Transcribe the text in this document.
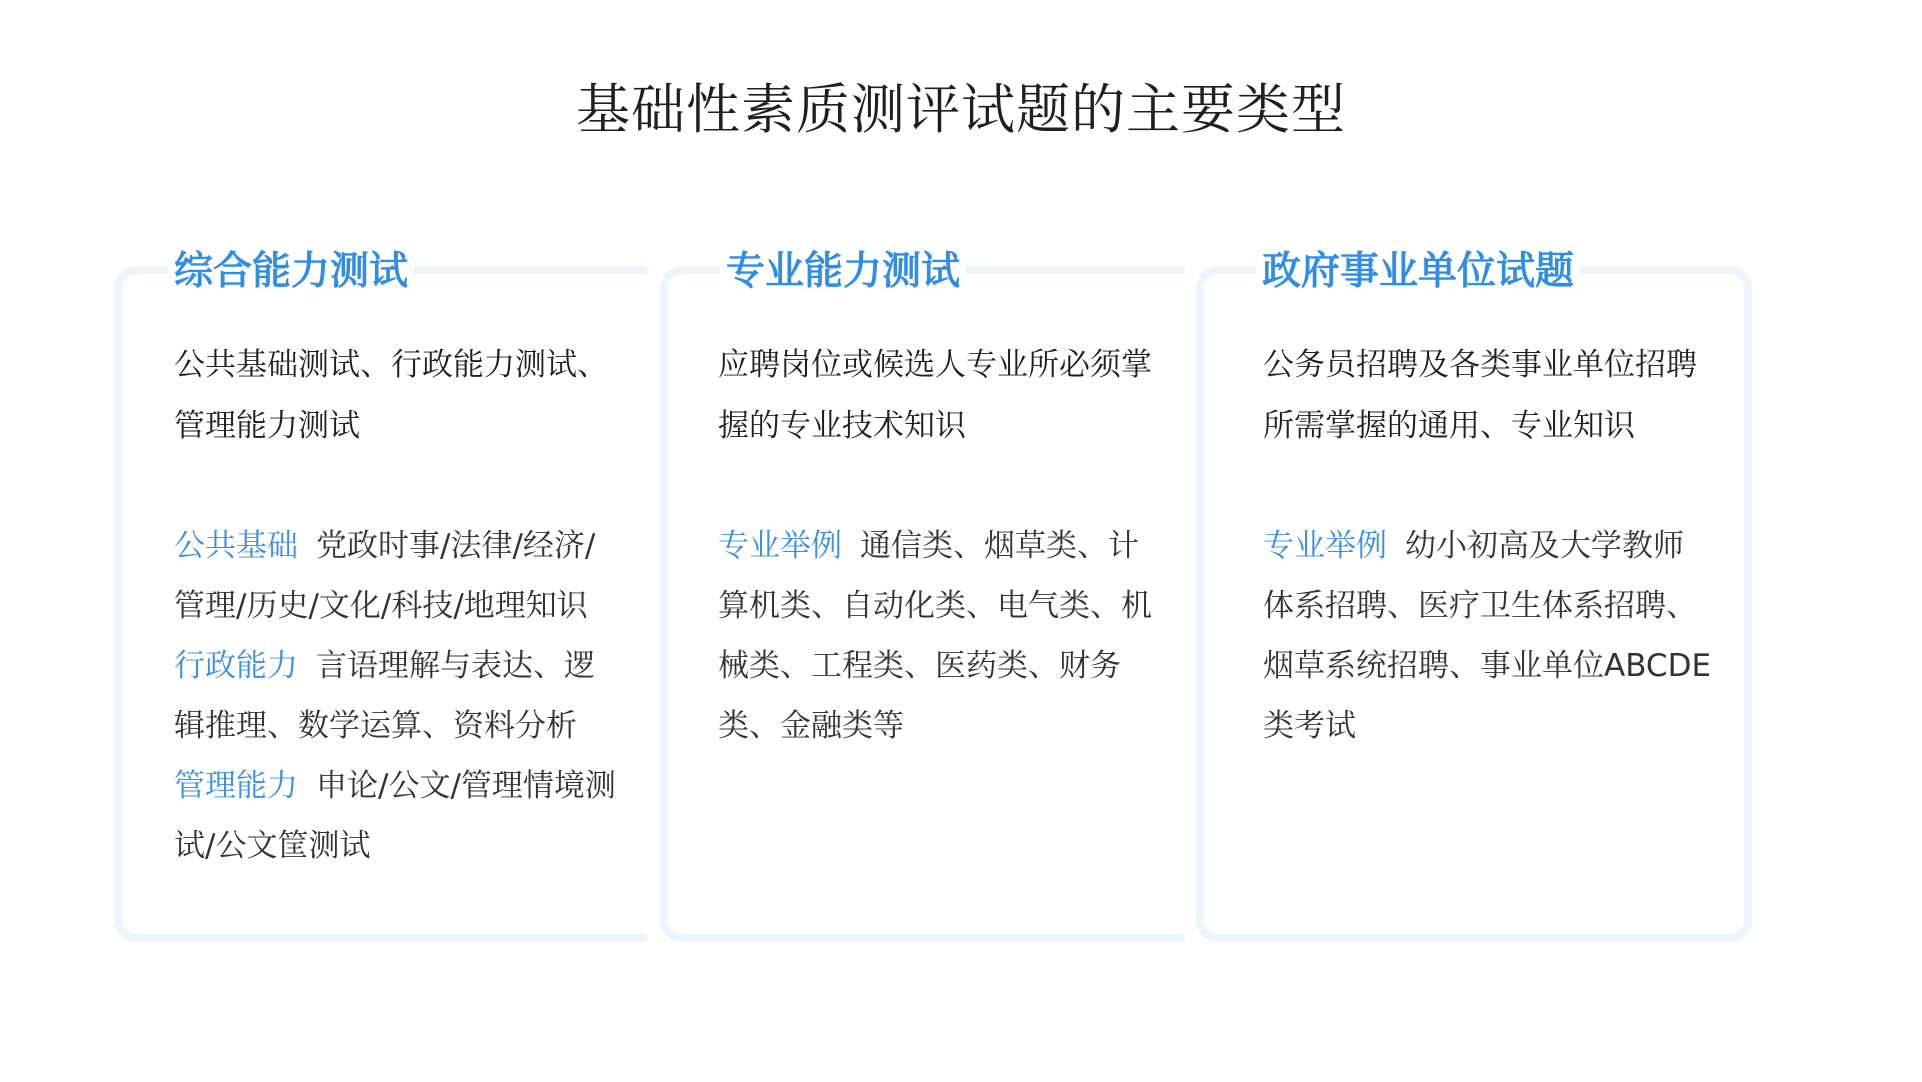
基础性素质测评试题的主要类型
综合能力测试
公共基础测试、行政能力测试、管理能力测试
公共基础 党政时事/法律/经济/管理/历史/文化/科技/地理知识
行政能力 言语理解与表达、逻辑推理、数学运算、资料分析
管理能力 申论/公文/管理情境测试/公文筐测试
专业能力测试
应聘岗位或候选人专业所必须掌握的专业技术知识
专业举例 通信类、烟草类、计算机类、自动化类、电气类、机械类、工程类、医药类、财务类、金融类等
政府事业单位试题
公务员招聘及各类事业单位招聘所需掌握的通用、专业知识
专业举例 幼小初高及大学教师体系招聘、医疗卫生体系招聘、烟草系统招聘、事业单位ABCDE类考试
